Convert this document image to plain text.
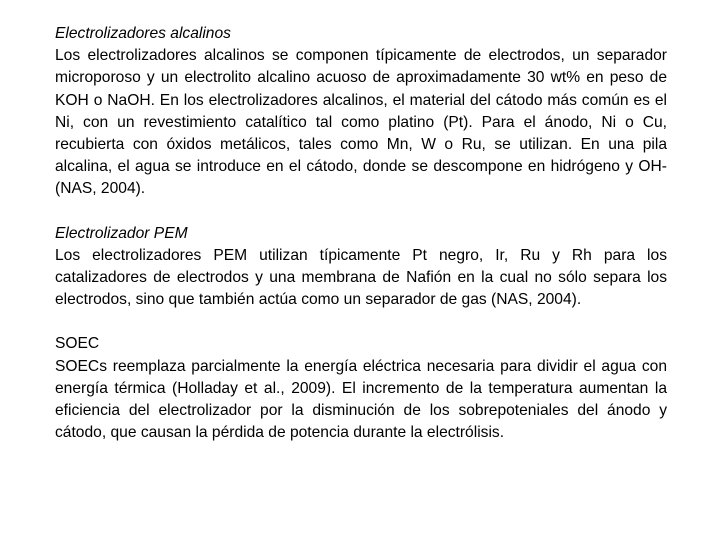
Electrolizadores alcalinos
Los electrolizadores alcalinos se componen típicamente de electrodos, un separador microporoso y un electrolito alcalino acuoso de aproximadamente 30 wt% en peso de KOH o NaOH. En los electrolizadores alcalinos, el material del cátodo más común es el Ni, con un revestimiento catalítico tal como platino (Pt). Para el ánodo, Ni o Cu, recubierta con óxidos metálicos, tales como Mn, W o Ru, se utilizan. En una pila alcalina, el agua se introduce en el cátodo, donde se descompone en hidrógeno y OH-(NAS, 2004).
Electrolizador PEM
Los electrolizadores PEM utilizan típicamente Pt negro, Ir, Ru y Rh para los catalizadores de electrodos y una membrana de Nafión en la cual no sólo separa los electrodos, sino que también actúa como un separador de gas (NAS, 2004).
SOEC
SOECs reemplaza parcialmente la energía eléctrica necesaria para dividir el agua con energía térmica (Holladay et al., 2009). El incremento de la temperatura aumentan la eficiencia del electrolizador por la disminución de los sobrepoteniales del ánodo y cátodo, que causan la pérdida de potencia durante la electrólisis.
